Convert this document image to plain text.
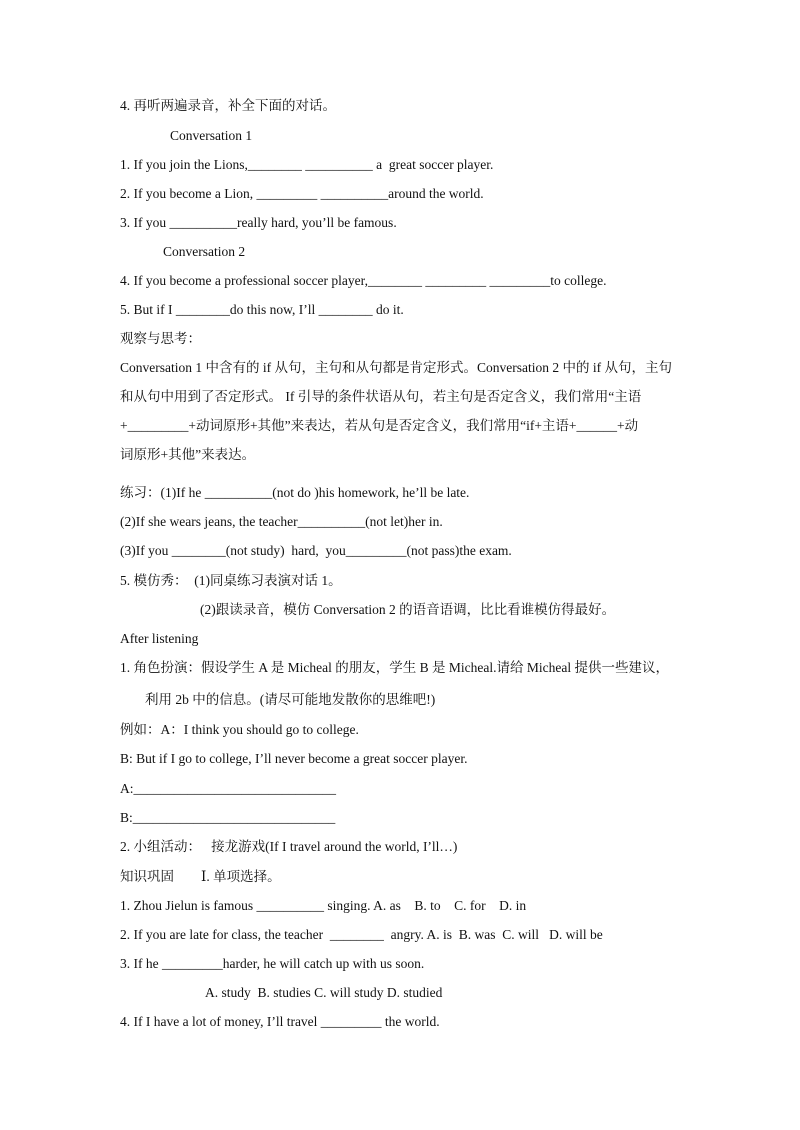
4. 再听两遍录音，补全下面的对话。
Conversation 1
1. If you join the Lions,________ __________ a  great soccer player.
2. If you become a Lion, _________ __________around the world.
3. If you __________really hard, you’ll be famous.
Conversation 2
4. If you become a professional soccer player,________ _________ _________to college.
5. But if I ________do this now, I’ll ________ do it.
观察与思考：
Conversation 1 中含有的 if 从句，主句和从句都是肯定形式。Conversation 2 中的 if 从句，主句
和从句中用到了否定形式。 If 引导的条件状语从句，若主句是否定含义，我们常用“主语
+_________+动词原形+其他”来表达，若从句是否定含义，我们常用“if+主语+______+动
词原形+其他”来表达。
练习：(1)If he __________(not do )his homework, he’ll be late.
(2)If she wears jeans, the teacher__________(not let)her in.
(3)If you ________(not study)  hard,  you_________(not pass)the exam.
5. 模仿秀：  (1)同桌练习表演对话 1。
(2)跟读录音，模仿 Conversation 2 的语音语调，比比看谁模仿得最好。
After listening
1. 角色扮演：假设学生 A 是 Micheal 的朋友，学生 B 是 Micheal.请给 Micheal 提供一些建议，
利用 2b 中的信息。(请尽可能地发散你的思维吧!)
例如：A：I think you should go to college.
B: But if I go to college, I’ll never become a great soccer player.
A:______________________________
B:______________________________
2. 小组活动：   接龙游戏(If I travel around the world, I’ll…)
知识巩固        Ⅰ. 单项选择。
1. Zhou Jielun is famous __________ singing. A. as    B. to    C. for    D. in
2. If you are late for class, the teacher  ________  angry. A. is  B. was  C. will   D. will be
3. If he _________harder, he will catch up with us soon.
A. study  B. studies C. will study D. studied
4. If I have a lot of money, I’ll travel _________ the world.
